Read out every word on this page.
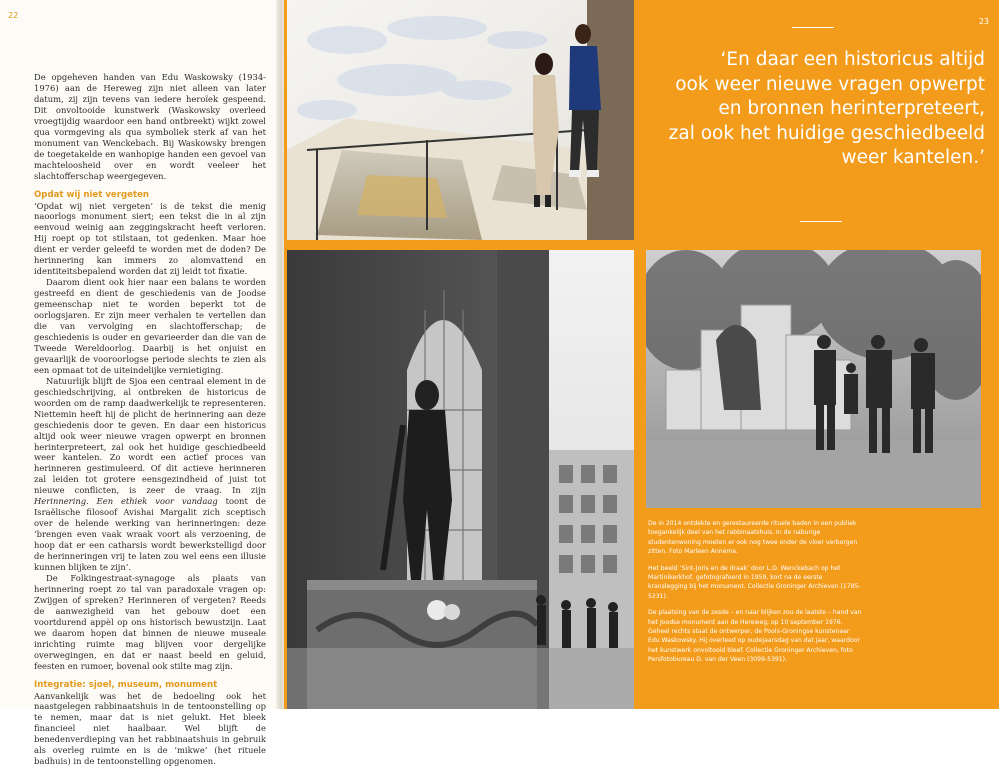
22

De opgeheven handen van Edu Waskowsky (1934-1976) aan de Hereweg zijn niet alleen van later datum, zij zijn tevens van iedere heroïek gespeend. Dit onvoltooide kunstwerk (Waskowsky overleed vroegtijdig waardoor een hand ontbreekt) wijkt zowel qua vormgeving als qua symboliek sterk af van het monument van Wenckebach. Bij Waskowsky brengen de toegetakelde en wanhopige handen een gevoel van machteloosheid over en wordt veeleer het slachtofferschap weergegeven.

Opdat wij niet vergeten

‘Opdat wij niet vergeten’ is de tekst die menig naoorlogs monument siert; een tekst die in al zijn eenvoud weinig aan zeggingskracht heeft verloren. Hij roept op tot stilstaan, tot gedenken. Maar hoe dient er verder geleefd te worden met de doden? De herinnering kan immers zo alomvattend en identiteitsbepalend worden dat zij leidt tot fixatie.

Daarom dient ook hier naar een balans te worden gestreefd en dient de geschiedenis van de Joodse gemeenschap niet te worden beperkt tot de oorlogsjaren. Er zijn meer verhalen te vertellen dan die van vervolging en slachtofferschap; de geschiedenis is ouder en gevarieerder dan die van de Tweede Wereldoorlog. Daarbij is het onjuist en gevaarlijk de vooroorlogse periode slechts te zien als een opmaat tot de uiteindelijke vernietiging.

Natuurlijk blijft de Sjoa een centraal element in de geschiedschrijving, al ontbreken de historicus de woorden om de ramp daadwerkelijk te representeren. Niettemin heeft hij de plicht de herinnering aan deze geschiedenis door te geven. En daar een historicus altijd ook weer nieuwe vragen opwerpt en bronnen herinterpreteert, zal ook het huidige geschiedbeeld weer kantelen. Zo wordt een actief proces van herinneren gestimuleerd. Of dit actieve herinneren zal leiden tot grotere eensgezindheid of juist tot nieuwe conflicten, is zeer de vraag. In zijn Herinnering. Een ethiek voor vandaag toont de Israëlische filosoof Avishai Margalit zich sceptisch over de helende werking van herinneringen: deze ‘brengen even vaak wraak voort als verzoening, de hoop dat er een catharsis wordt bewerkstelligd door de herinneringen vrij te laten zou wel eens een illusie kunnen blijken te zijn’.

De Folkingestraat-synagoge als plaats van herinnering roept zo tal van paradoxale vragen op: Zwijgen of spreken? Herinneren of vergeten? Reeds de aanwezigheid van het gebouw doet een voortdurend appèl op ons historisch bewustzijn. Laat we daarom hopen dat binnen de nieuwe museale inrichting ruimte mag blijven voor dergelijke overwegingen, en dat er naast beeld en geluid, feesten en rumoer, bovenal ook stilte mag zijn.

Integratie: sjoel, museum, monument

Aanvankelijk was het de bedoeling ook het naastgelegen rabbinaatshuis in de tentoonstelling op te nemen, maar dat is niet gelukt. Het bleek financieel niet haalbaar. Wel blijft de benedenverdieping van het rabbinaatshuis in gebruik als overleg ruimte en is de ‘mikwe’ (het rituele badhuis) in de tentoonstelling opgenomen.

23
‘En daar een historicus altijd
ook weer nieuwe vragen opwerpt
en bronnen herinterpreteert,
zal ook het huidige geschiedbeeld
weer kantelen.’

De in 2014 ontdekte en gerestaureerde rituele baden in een publiek toegankelijk deel van het rabbinaatshuis. In de naburige studentenwoning moeten er ook nog twee onder de vloer verborgen zitten. Foto Marleen Annema.

Het beeld ‘Sint-Joris en de draak’ door L.O. Wenckebach op het Martinikerkhof, gefotografeerd in 1959, kort na de eerste kranslegging bij het monument. Collectie Groninger Archieven (1785-5231).

De plaatsing van de zesde – en naar blijken zou de laatste – hand van het Joodse monument aan de Hereweg, op 10 september 1976. Geheel rechts staat de ontwerper, de Pools-Groningse kunstenaar Edu Waskowsky. Hij overleed op oudejaarsdag van dat jaar, waardoor het kunstwerk onvoltooid bleef. Collectie Groninger Archieven, foto Persfotobureau D. van der Veen (3099-5391).
